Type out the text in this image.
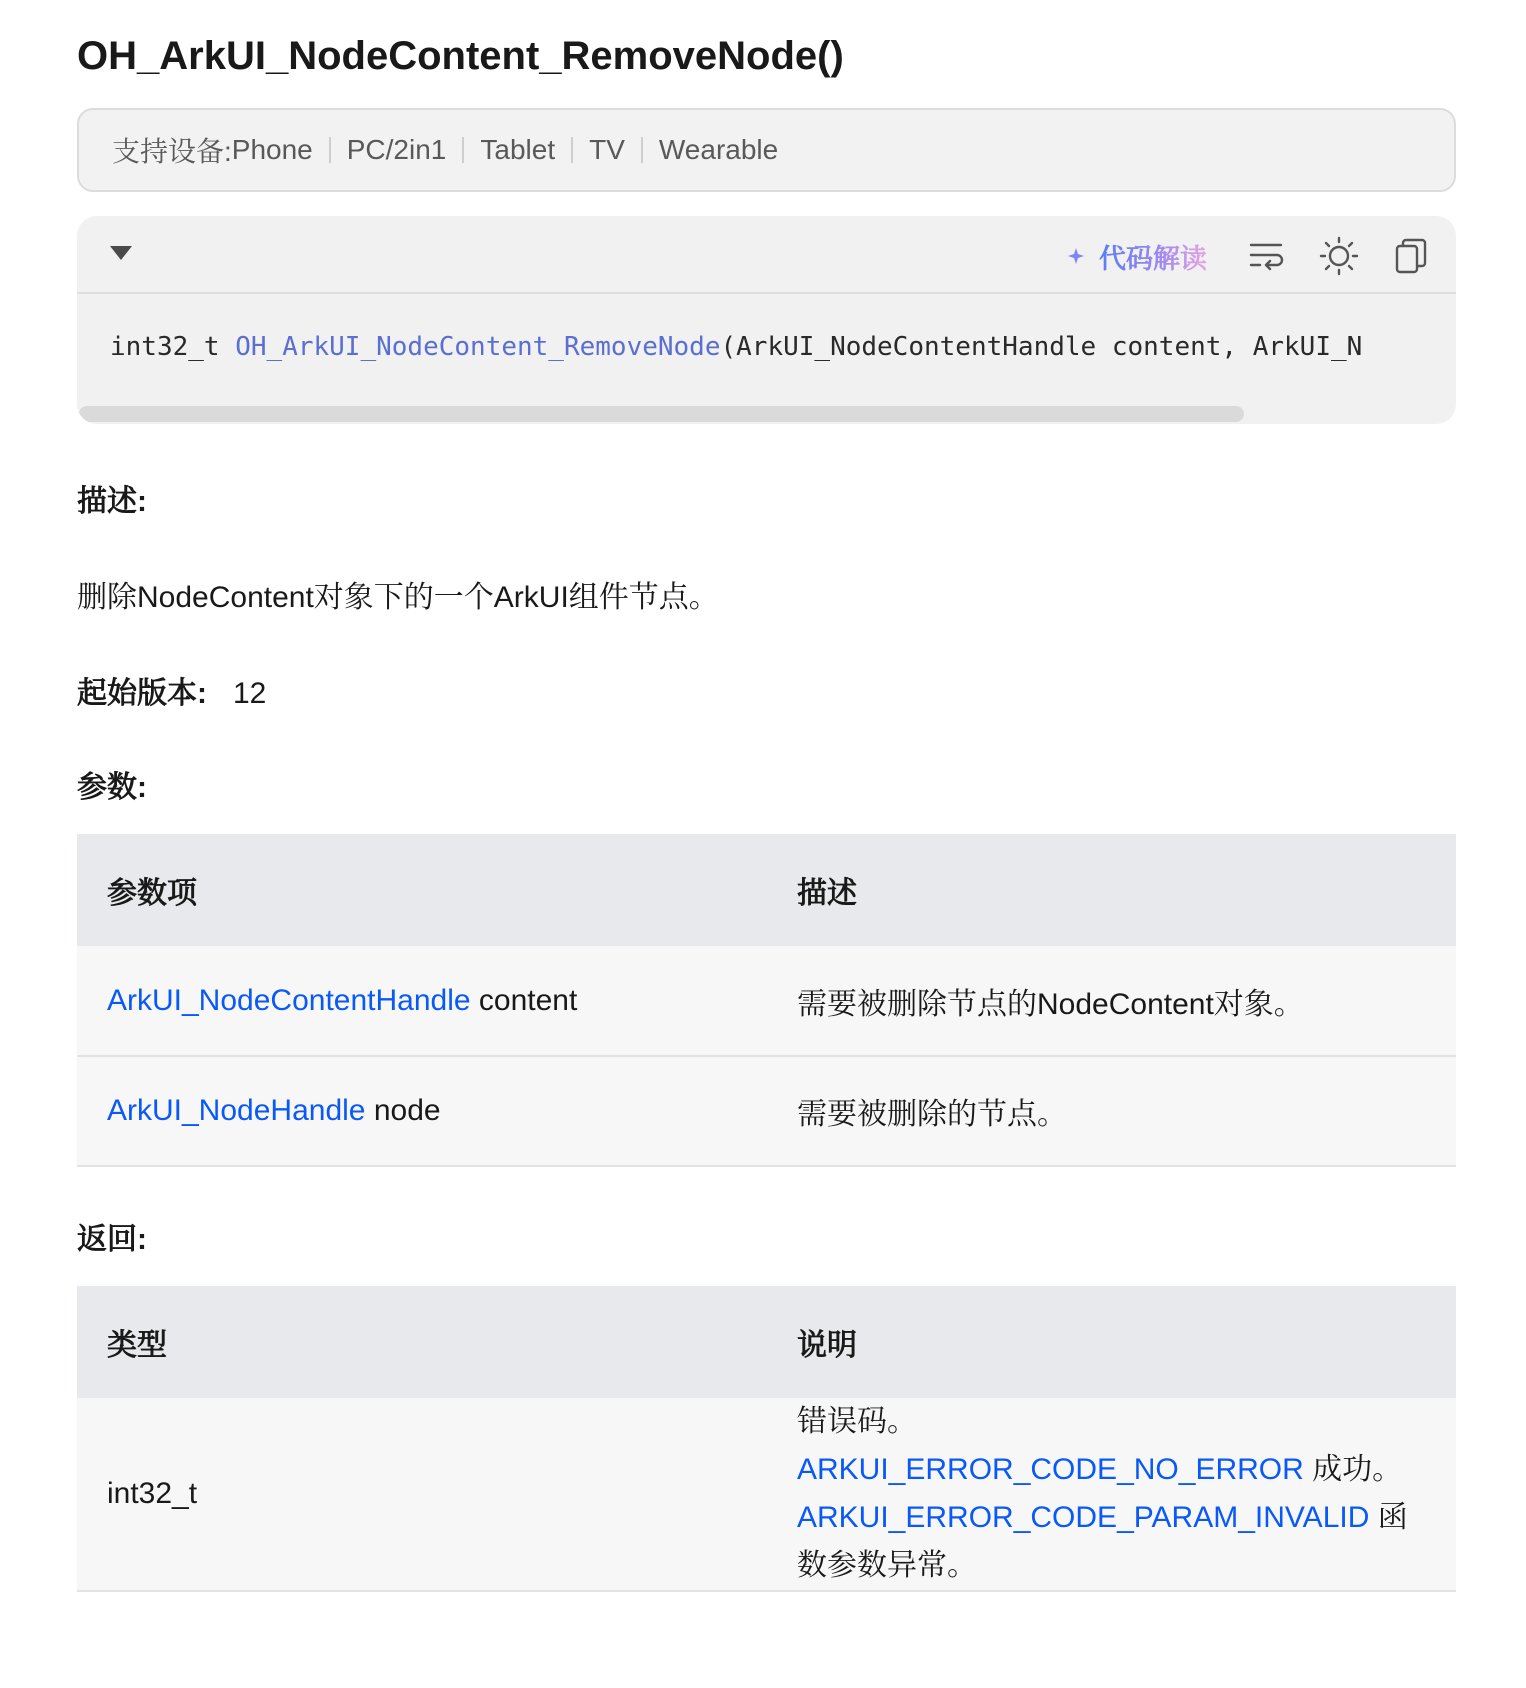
OH_ArkUI_NodeContent_RemoveNode()
支持设备: Phone PC/2in1 Tablet TV Wearable
代码解读
int32_t OH_ArkUI_NodeContent_RemoveNode(ArkUI_NodeContentHandle content, ArkUI_N
描述:
删除NodeContent对象下的一个ArkUI组件节点。
起始版本: 12
参数:
参数项	描述
ArkUI_NodeContentHandle content	需要被删除节点的NodeContent对象。
ArkUI_NodeHandle node	需要被删除的节点。
返回:
类型	说明
int32_t	错误码。
ARKUI_ERROR_CODE_NO_ERROR 成功。
ARKUI_ERROR_CODE_PARAM_INVALID 函
数参数异常。
